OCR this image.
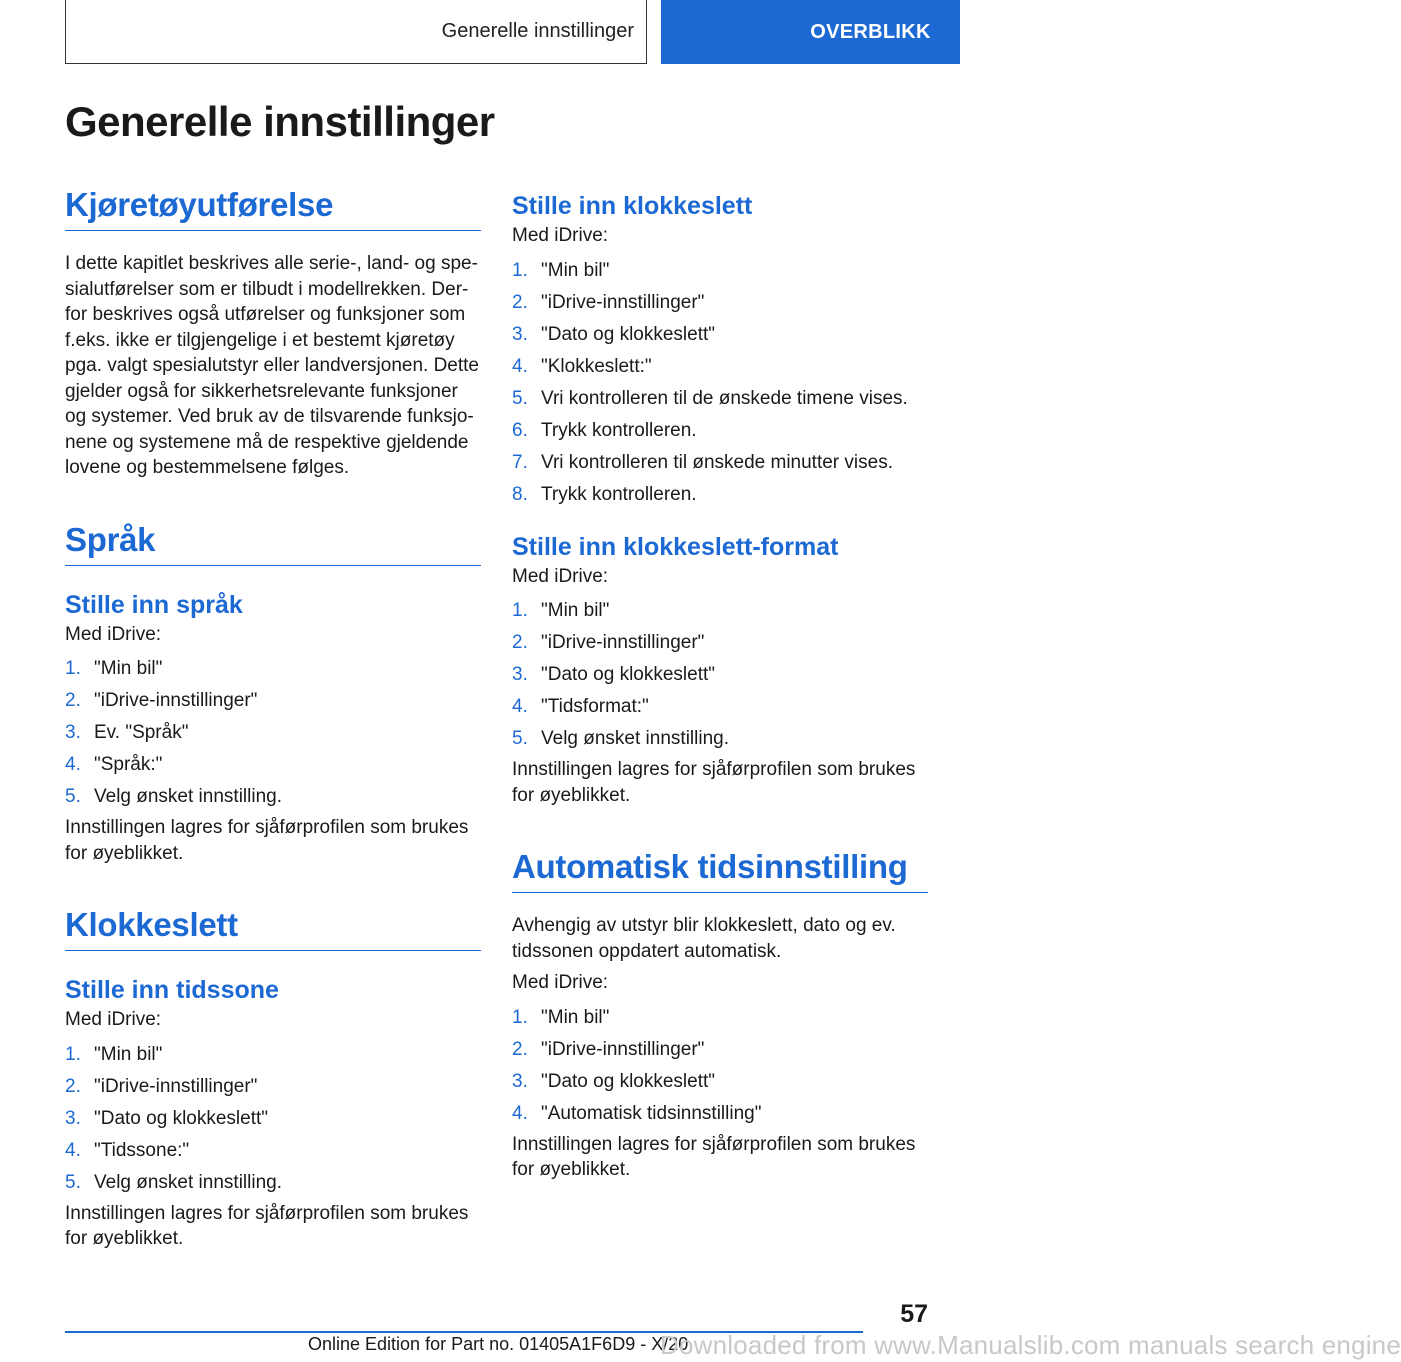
Generelle innstillinger	OVERBLIKK
Generelle innstillinger
Kjøretøyutførelse

I dette kapitlet beskrives alle serie-, land- og spe-
sialutførelser som er tilbudt i modellrekken. Der-
for beskrives også utførelser og funksjoner som
f.eks. ikke er tilgjengelige i et bestemt kjøretøy
pga. valgt spesialutstyr eller landversjonen. Dette
gjelder også for sikkerhetsrelevante funksjoner
og systemer. Ved bruk av de tilsvarende funksjo-
nene og systemene må de respektive gjeldende
lovene og bestemmelsene følges.

Språk
Stille inn språk

Med iDrive:

1. "Min bil"
2. "iDrive-innstillinger"
3. Ev. "Språk"
4. "Språk:"
5. Velg ønsket innstilling.

Innstillingen lagres for sjåførprofilen som brukes
for øyeblikket.

Klokkeslett
Stille inn tidssone

Med iDrive:

1. "Min bil"
2. "iDrive-innstillinger"
3. "Dato og klokkeslett"
4. "Tidssone:"
5. Velg ønsket innstilling.

Innstillingen lagres for sjåførprofilen som brukes
for øyeblikket.

Stille inn klokkeslett

Med iDrive:

1. "Min bil"
2. "iDrive-innstillinger"
3. "Dato og klokkeslett"
4. "Klokkeslett:"
5. Vri kontrolleren til de ønskede timene vises.
6. Trykk kontrolleren.
7. Vri kontrolleren til ønskede minutter vises.
8. Trykk kontrolleren.
Stille inn klokkeslett-format

Med iDrive:

1. "Min bil"
2. "iDrive-innstillinger"
3. "Dato og klokkeslett"
4. "Tidsformat:"
5. Velg ønsket innstilling.

Innstillingen lagres for sjåførprofilen som brukes
for øyeblikket.

Automatisk tidsinnstilling

Avhengig av utstyr blir klokkeslett, dato og ev.
tidssonen oppdatert automatisk.

Med iDrive:

1. "Min bil"
2. "iDrive-innstillinger"
3. "Dato og klokkeslett"
4. "Automatisk tidsinnstilling"

Innstillingen lagres for sjåførprofilen som brukes
for øyeblikket.

57
Online Edition for Part no. 01405A1F6D9 - X/20
Downloaded from www.Manualslib.com manuals search engine
